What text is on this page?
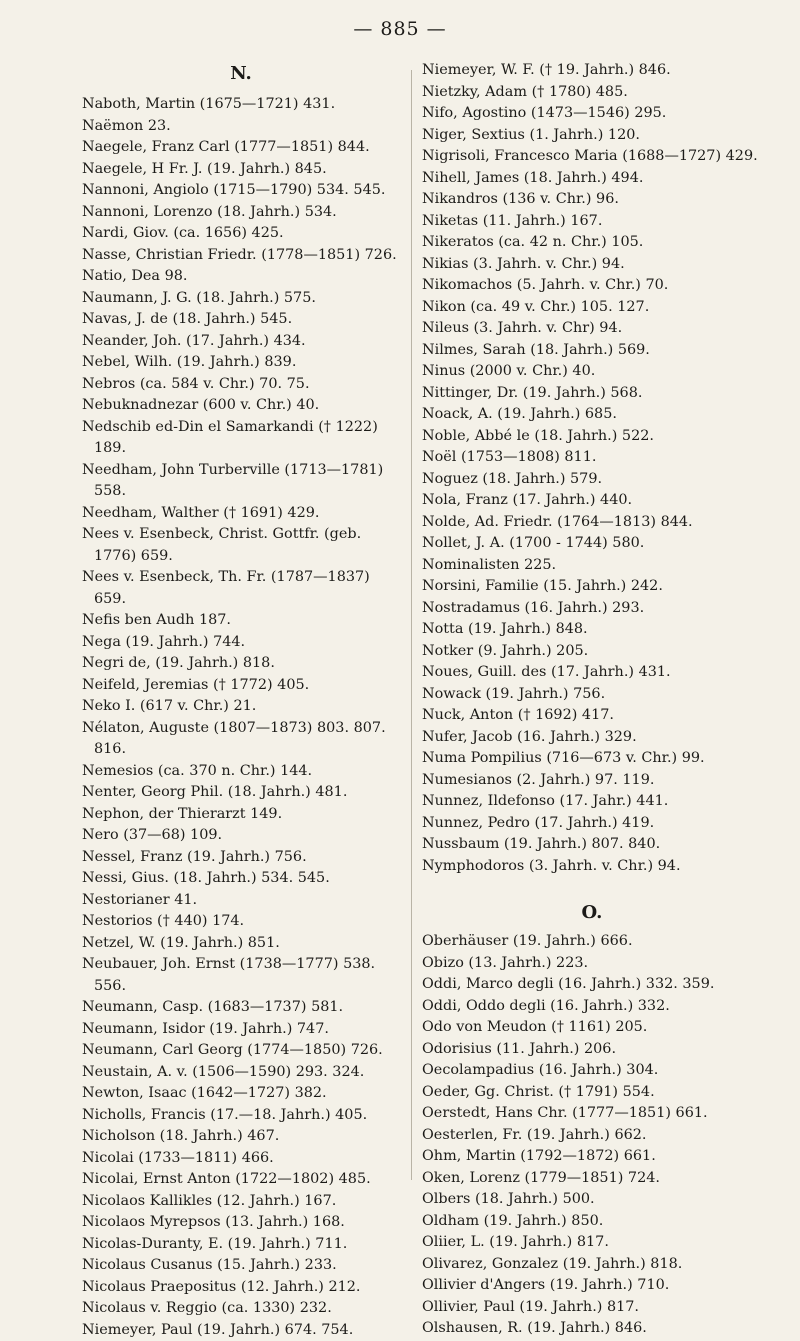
— 885 —
N.
Naboth, Martin (1675—1721) 431.
Naëmon 23.
Naegele, Franz Carl (1777—1851) 844.
Naegele, H Fr. J. (19. Jahrh.) 845.
Nannoni, Angiolo (1715—1790) 534. 545.
Nannoni, Lorenzo (18. Jahrh.) 534.
Nardi, Giov. (ca. 1656) 425.
Nasse, Christian Friedr. (1778—1851) 726.
Natio, Dea 98.
Naumann, J. G. (18. Jahrh.) 575.
Navas, J. de (18. Jahrh.) 545.
Neander, Joh. (17. Jahrh.) 434.
Nebel, Wilh. (19. Jahrh.) 839.
Nebros (ca. 584 v. Chr.) 70. 75.
Nebuknadnezar (600 v. Chr.) 40.
Nedschib ed-Din el Samarkandi († 1222) 189.
Needham, John Turberville (1713—1781) 558.
Needham, Walther († 1691) 429.
Nees v. Esenbeck, Christ. Gottfr. (geb. 1776) 659.
Nees v. Esenbeck, Th. Fr. (1787—1837) 659.
Nefis ben Audh 187.
Nega (19. Jahrh.) 744.
Negri de, (19. Jahrh.) 818.
Neifeld, Jeremias († 1772) 405.
Neko I. (617 v. Chr.) 21.
Nélaton, Auguste (1807—1873) 803. 807. 816.
Nemesios (ca. 370 n. Chr.) 144.
Nenter, Georg Phil. (18. Jahrh.) 481.
Nephon, der Thierarzt 149.
Nero (37—68) 109.
Nessel, Franz (19. Jahrh.) 756.
Nessi, Gius. (18. Jahrh.) 534. 545.
Nestorianer 41.
Nestorios († 440) 174.
Netzel, W. (19. Jahrh.) 851.
Neubauer, Joh. Ernst (1738—1777) 538. 556.
Neumann, Casp. (1683—1737) 581.
Neumann, Isidor (19. Jahrh.) 747.
Neumann, Carl Georg (1774—1850) 726.
Neustain, A. v. (1506—1590) 293. 324.
Newton, Isaac (1642—1727) 382.
Nicholls, Francis (17.—18. Jahrh.) 405.
Nicholson (18. Jahrh.) 467.
Nicolai (1733—1811) 466.
Nicolai, Ernst Anton (1722—1802) 485.
Nicolaos Kallikles (12. Jahrh.) 167.
Nicolaos Myrepsos (13. Jahrh.) 168.
Nicolas-Duranty, E. (19. Jahrh.) 711.
Nicolaus Cusanus (15. Jahrh.) 233.
Nicolaus Praepositus (12. Jahrh.) 212.
Nicolaus v. Reggio (ca. 1330) 232.
Niemeyer, Paul (19. Jahrh.) 674. 754.
Niemeyer, W. F. († 19. Jahrh.) 846.
Nietzky, Adam († 1780) 485.
Nifo, Agostino (1473—1546) 295.
Niger, Sextius (1. Jahrh.) 120.
Nigrisoli, Francesco Maria (1688—1727) 429.
Nihell, James (18. Jahrh.) 494.
Nikandros (136 v. Chr.) 96.
Niketas (11. Jahrh.) 167.
Nikeratos (ca. 42 n. Chr.) 105.
Nikias (3. Jahrh. v. Chr.) 94.
Nikomachos (5. Jahrh. v. Chr.) 70.
Nikon (ca. 49 v. Chr.) 105. 127.
Nileus (3. Jahrh. v. Chr) 94.
Nilmes, Sarah (18. Jahrh.) 569.
Ninus (2000 v. Chr.) 40.
Nittinger, Dr. (19. Jahrh.) 568.
Noack, A. (19. Jahrh.) 685.
Noble, Abbé le (18. Jahrh.) 522.
Noël (1753—1808) 811.
Noguez (18. Jahrh.) 579.
Nola, Franz (17. Jahrh.) 440.
Nolde, Ad. Friedr. (1764—1813) 844.
Nollet, J. A. (1700 - 1744) 580.
Nominalisten 225.
Norsini, Familie (15. Jahrh.) 242.
Nostradamus (16. Jahrh.) 293.
Notta (19. Jahrh.) 848.
Notker (9. Jahrh.) 205.
Noues, Guill. des (17. Jahrh.) 431.
Nowack (19. Jahrh.) 756.
Nuck, Anton († 1692) 417.
Nufer, Jacob (16. Jahrh.) 329.
Numa Pompilius (716—673 v. Chr.) 99.
Numesianos (2. Jahrh.) 97. 119.
Nunnez, Ildefonso (17. Jahr.) 441.
Nunnez, Pedro (17. Jahrh.) 419.
Nussbaum (19. Jahrh.) 807. 840.
Nymphodoros (3. Jahrh. v. Chr.) 94.
O.
Oberhäuser (19. Jahrh.) 666.
Obizo (13. Jahrh.) 223.
Oddi, Marco degli (16. Jahrh.) 332. 359.
Oddi, Oddo degli (16. Jahrh.) 332.
Odo von Meudon († 1161) 205.
Odorisius (11. Jahrh.) 206.
Oecolampadius (16. Jahrh.) 304.
Oeder, Gg. Christ. († 1791) 554.
Oerstedt, Hans Chr. (1777—1851) 661.
Oesterlen, Fr. (19. Jahrh.) 662.
Ohm, Martin (1792—1872) 661.
Oken, Lorenz (1779—1851) 724.
Olbers (18. Jahrh.) 500.
Oldham (19. Jahrh.) 850.
Oliier, L. (19. Jahrh.) 817.
Olivarez, Gonzalez (19. Jahrh.) 818.
Ollivier d'Angers (19. Jahrh.) 710.
Ollivier, Paul (19. Jahrh.) 817.
Olshausen, R. (19. Jahrh.) 846.
